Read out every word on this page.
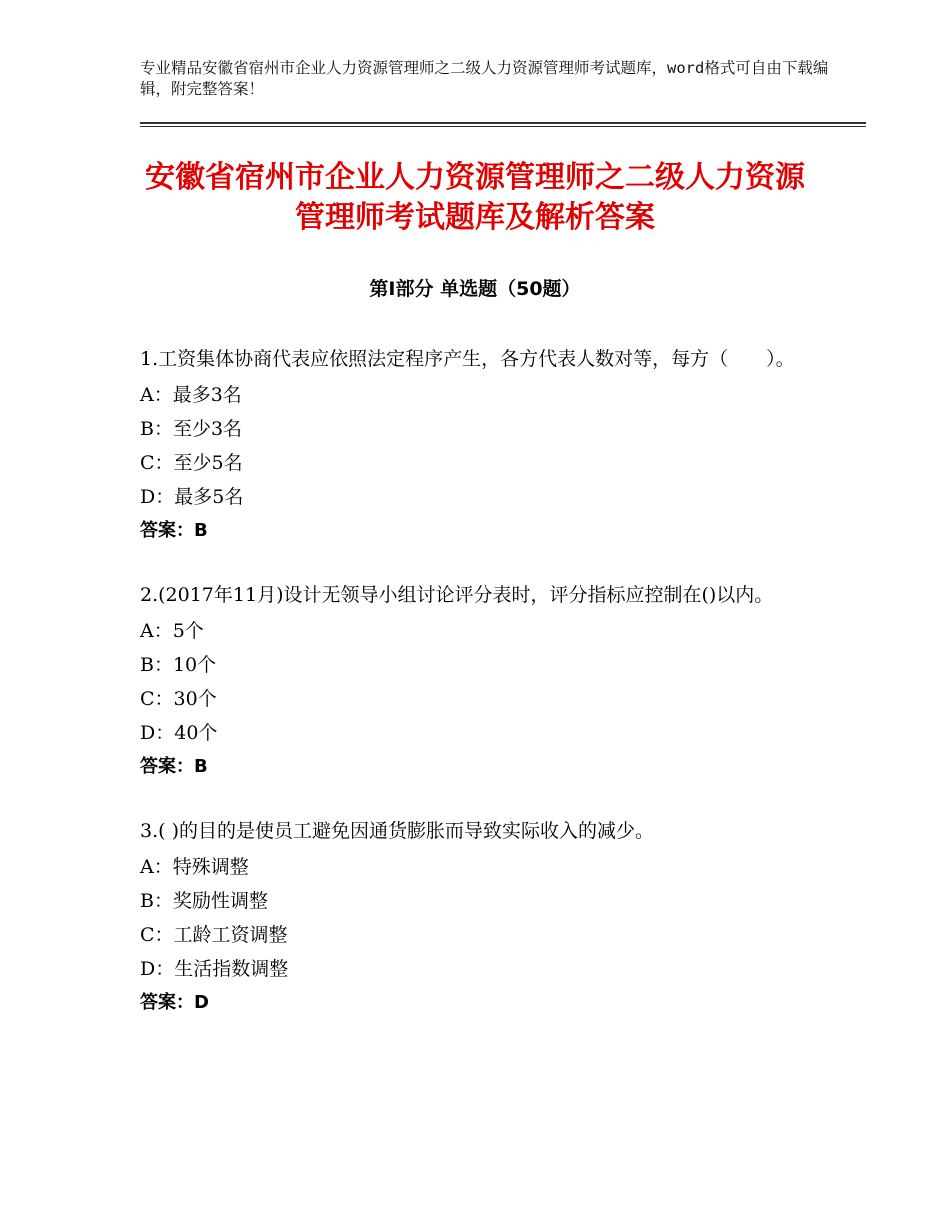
专业精品安徽省宿州市企业人力资源管理师之二级人力资源管理师考试题库，word格式可自由下载编辑，附完整答案！
安徽省宿州市企业人力资源管理师之二级人力资源管理师考试题库及解析答案
第Ⅰ部分 单选题（50题）
1.工资集体协商代表应依照法定程序产生，各方代表人数对等，每方（　　）。
A：最多3名
B：至少3名
C：至少5名
D：最多5名
答案：B
2.(2017年11月)设计无领导小组讨论评分表时，评分指标应控制在()以内。
A：5个
B：10个
C：30个
D：40个
答案：B
3.( )的目的是使员工避免因通货膨胀而导致实际收入的减少。
A：特殊调整
B：奖励性调整
C：工龄工资调整
D：生活指数调整
答案：D
